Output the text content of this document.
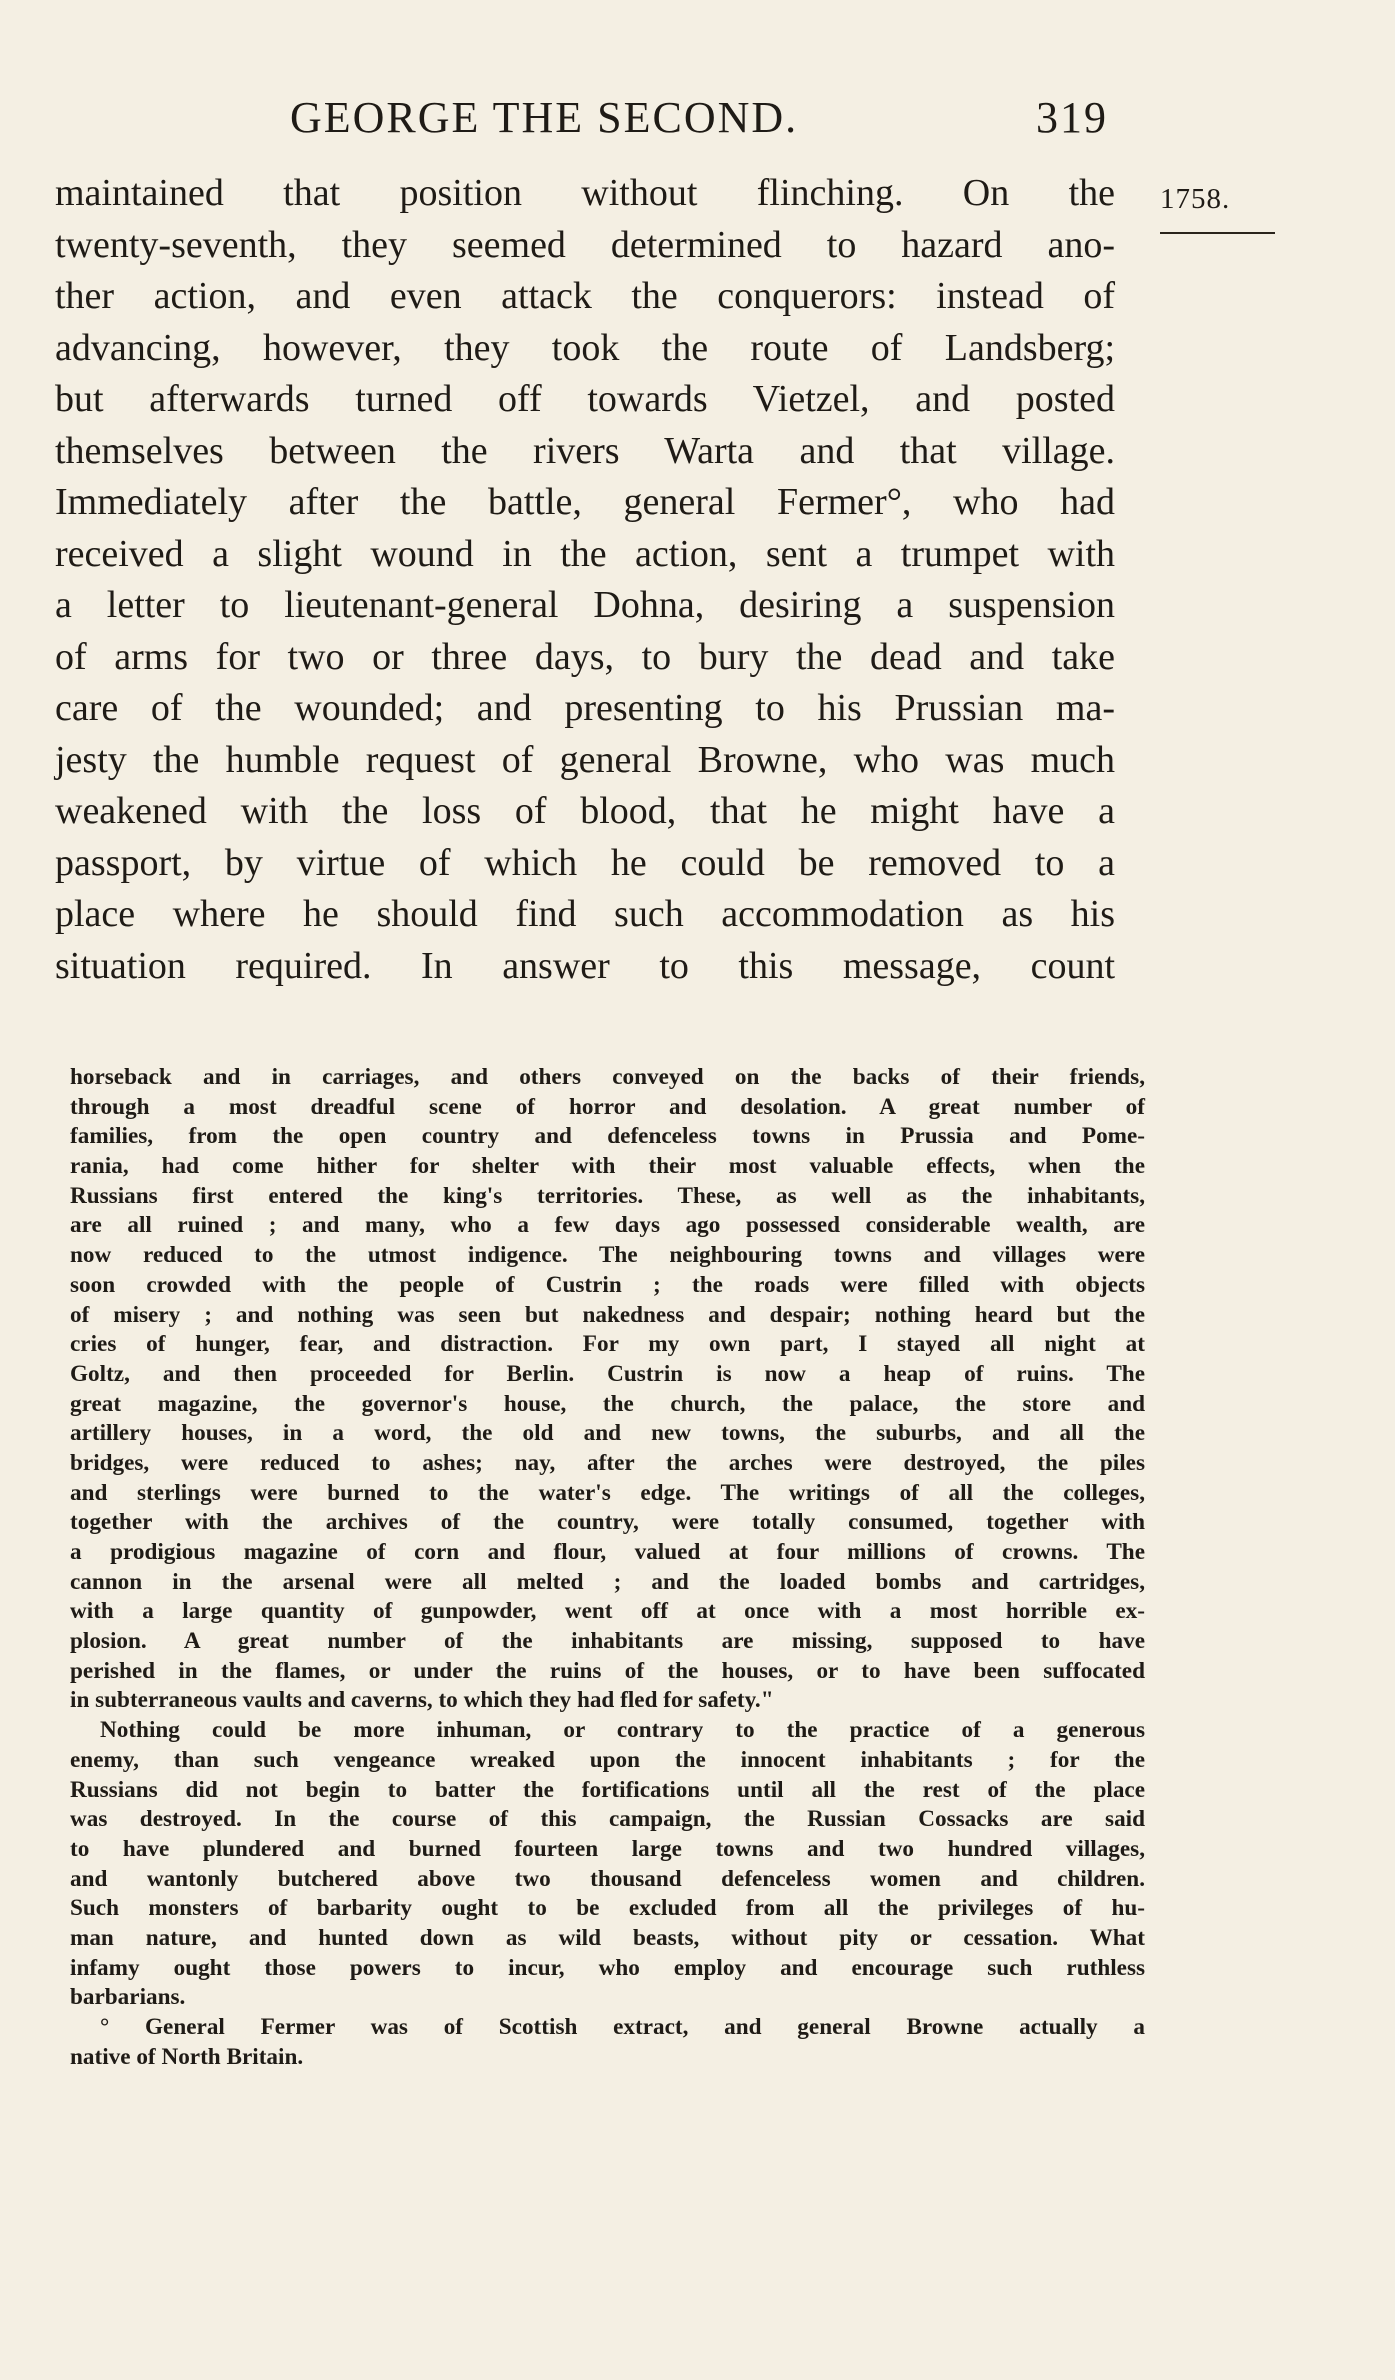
GEORGE THE SECOND.	319
1758.
maintained that position without flinching. On the
twenty-seventh, they seemed determined to hazard ano-
ther action, and even attack the conquerors: instead of
advancing, however, they took the route of Landsberg;
but afterwards turned off towards Vietzel, and posted
themselves between the rivers Warta and that village.
Immediately after the battle, general Fermer°, who had
received a slight wound in the action, sent a trumpet with
a letter to lieutenant-general Dohna, desiring a suspension
of arms for two or three days, to bury the dead and take
care of the wounded; and presenting to his Prussian ma-
jesty the humble request of general Browne, who was much
weakened with the loss of blood, that he might have a
passport, by virtue of which he could be removed to a
place where he should find such accommodation as his
situation required. In answer to this message, count
horseback and in carriages, and others conveyed on the backs of their friends,
through a most dreadful scene of horror and desolation. A great number of
families, from the open country and defenceless towns in Prussia and Pome-
rania, had come hither for shelter with their most valuable effects, when the
Russians first entered the king's territories. These, as well as the inhabitants,
are all ruined ; and many, who a few days ago possessed considerable wealth, are
now reduced to the utmost indigence. The neighbouring towns and villages were
soon crowded with the people of Custrin ; the roads were filled with objects
of misery ; and nothing was seen but nakedness and despair; nothing heard but the
cries of hunger, fear, and distraction. For my own part, I stayed all night at
Goltz, and then proceeded for Berlin. Custrin is now a heap of ruins. The
great magazine, the governor's house, the church, the palace, the store and
artillery houses, in a word, the old and new towns, the suburbs, and all the
bridges, were reduced to ashes; nay, after the arches were destroyed, the piles
and sterlings were burned to the water's edge. The writings of all the colleges,
together with the archives of the country, were totally consumed, together with
a prodigious magazine of corn and flour, valued at four millions of crowns. The
cannon in the arsenal were all melted ; and the loaded bombs and cartridges,
with a large quantity of gunpowder, went off at once with a most horrible ex-
plosion. A great number of the inhabitants are missing, supposed to have
perished in the flames, or under the ruins of the houses, or to have been suffocated
in subterraneous vaults and caverns, to which they had fled for safety."
Nothing could be more inhuman, or contrary to the practice of a generous
enemy, than such vengeance wreaked upon the innocent inhabitants ; for the
Russians did not begin to batter the fortifications until all the rest of the place
was destroyed. In the course of this campaign, the Russian Cossacks are said
to have plundered and burned fourteen large towns and two hundred villages,
and wantonly butchered above two thousand defenceless women and children.
Such monsters of barbarity ought to be excluded from all the privileges of hu-
man nature, and hunted down as wild beasts, without pity or cessation. What
infamy ought those powers to incur, who employ and encourage such ruthless
barbarians.
° General Fermer was of Scottish extract, and general Browne actually a
native of North Britain.
